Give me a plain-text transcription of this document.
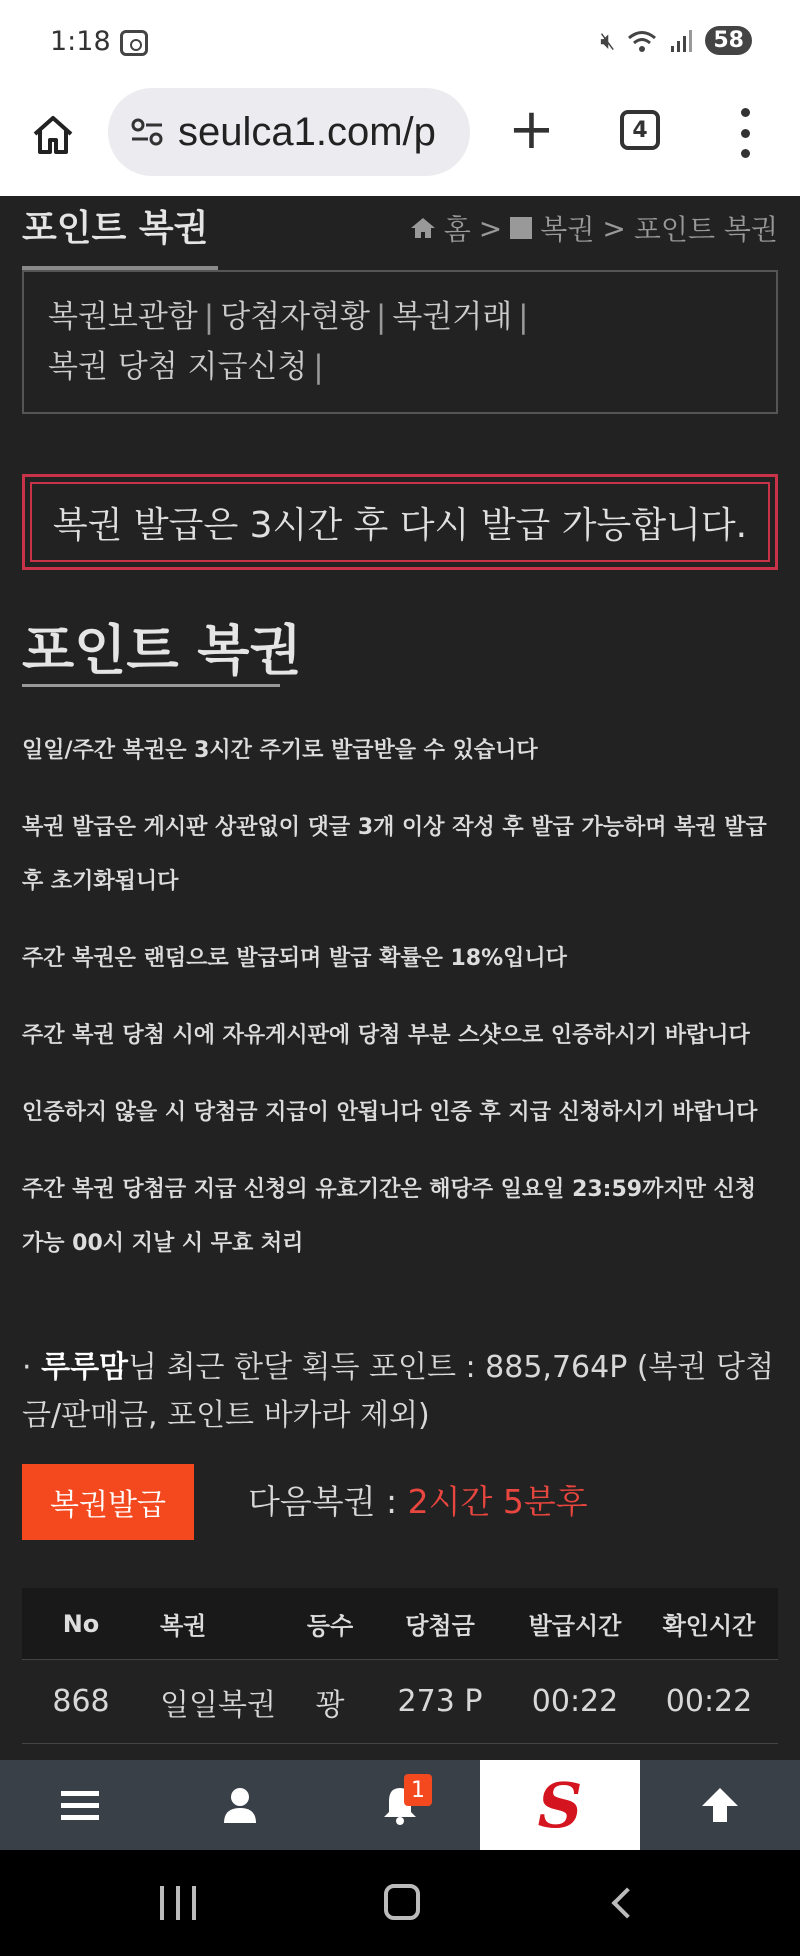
1:18	🔇︎	58
seulca1.com/p +	4
포인트 복권	홈 > 복권 > 포인트 복권
복권보관함 | 당첨자현황 | 복권거래 |
복권 당첨 지급신청 |
복권 발급은 3시간 후 다시 발급 가능합니다.
포인트 복권

일일/주간 복권은 3시간 주기로 발급받을 수 있습니다

복권 발급은 게시판 상관없이 댓글 3개 이상 작성 후 발급 가능하며 복권 발급 후 초기화됩니다

주간 복권은 랜덤으로 발급되며 발급 확률은 18%입니다

주간 복권 당첨 시에 자유게시판에 당첨 부분 스샷으로 인증하시기 바랍니다

인증하지 않을 시 당첨금 지급이 안됩니다 인증 후 지급 신청하시기 바랍니다

주간 복권 당첨금 지급 신청의 유효기간은 해당주 일요일 23:59까지만 신청 가능 00시 지날 시 무효 처리

· 루루맘님 최근 한달 획득 포인트 : 885,764P (복권 당첨금/판매금, 포인트 바카라 제외)
복권발급	다음복권 : 2시간 5분후
No	복권	등수	당첨금	발급시간	확인시간
868	일일복권	꽝	273 P	00:22	00:22
1 S
